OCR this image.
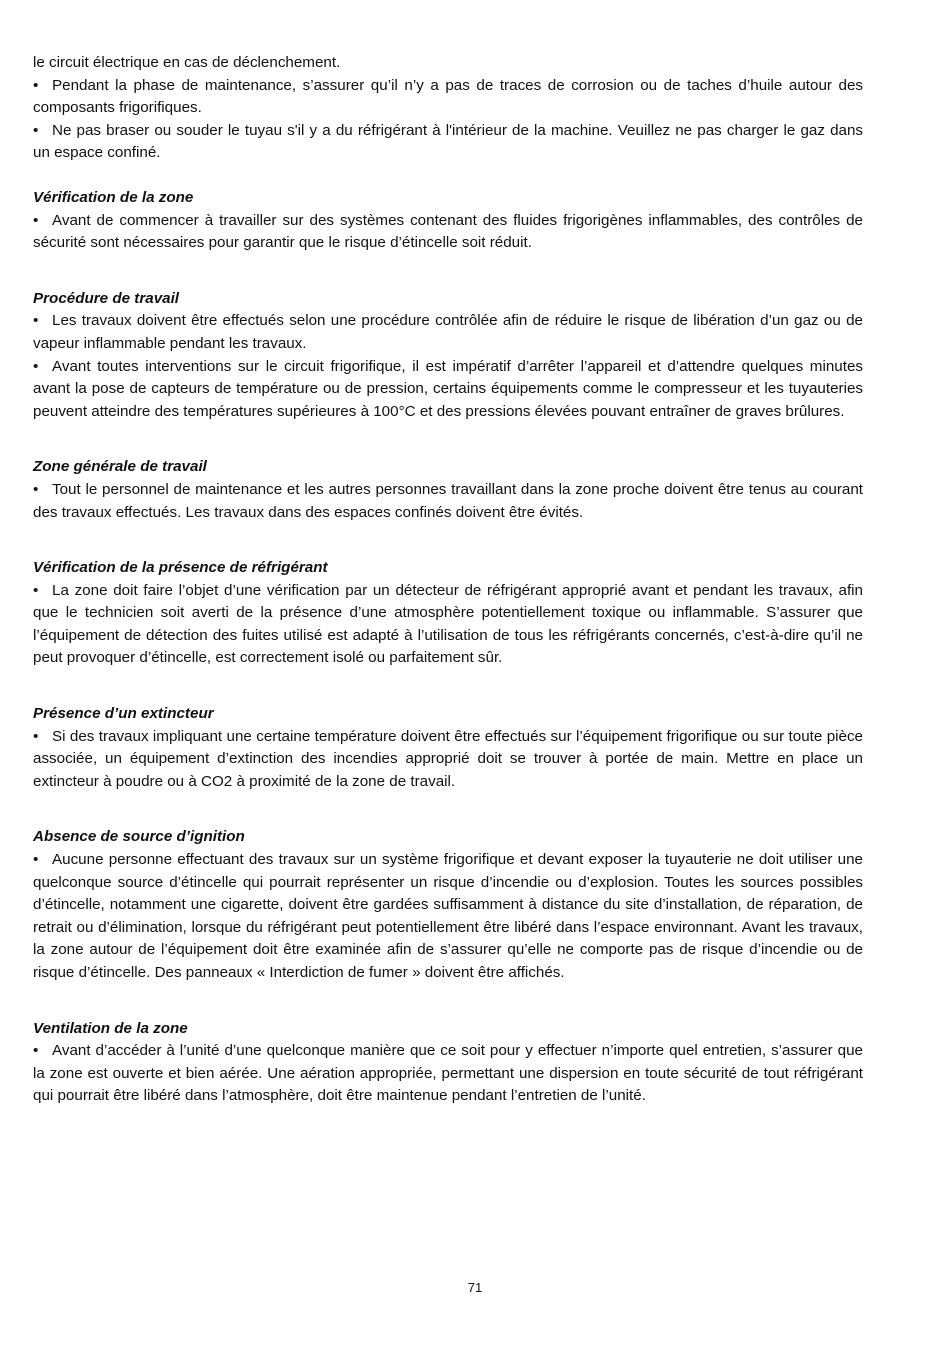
le circuit électrique en cas de déclenchement.

• Pendant la phase de maintenance, s’assurer qu’il n’y a pas de traces de corrosion ou de taches d’huile autour des composants frigorifiques.

• Ne pas braser ou souder le tuyau s'il y a du réfrigérant à l'intérieur de la machine. Veuillez ne pas charger le gaz dans un espace confiné.

Vérification de la zone

• Avant de commencer à travailler sur des systèmes contenant des fluides frigorigènes inflammables, des contrôles de sécurité sont nécessaires pour garantir que le risque d’étincelle soit réduit.

Procédure de travail

• Les travaux doivent être effectués selon une procédure contrôlée afin de réduire le risque de libération d’un gaz ou de vapeur inflammable pendant les travaux.

• Avant toutes interventions sur le circuit frigorifique, il est impératif d’arrêter l’appareil et d’attendre quelques minutes avant la pose de capteurs de température ou de pression, certains équipements comme le compresseur et les tuyauteries peuvent atteindre des températures supérieures à 100°C et des pressions élevées pouvant entraîner de graves brûlures.

Zone générale de travail

• Tout le personnel de maintenance et les autres personnes travaillant dans la zone proche doivent être tenus au courant des travaux effectués. Les travaux dans des espaces confinés doivent être évités.

Vérification de la présence de réfrigérant

• La zone doit faire l’objet d’une vérification par un détecteur de réfrigérant approprié avant et pendant les travaux, afin que le technicien soit averti de la présence d’une atmosphère potentiellement toxique ou inflammable. S’assurer que l’équipement de détection des fuites utilisé est adapté à l’utilisation de tous les réfrigérants concernés, c’est-à-dire qu’il ne peut provoquer d’étincelle, est correctement isolé ou parfaitement sûr.

Présence d’un extincteur

• Si des travaux impliquant une certaine température doivent être effectués sur l’équipement frigorifique ou sur toute pièce associée, un équipement d’extinction des incendies approprié doit se trouver à portée de main. Mettre en place un extincteur à poudre ou à CO2 à proximité de la zone de travail.

Absence de source d’ignition

• Aucune personne effectuant des travaux sur un système frigorifique et devant exposer la tuyauterie ne doit utiliser une quelconque source d’étincelle qui pourrait représenter un risque d’incendie ou d’explosion. Toutes les sources possibles d’étincelle, notamment une cigarette, doivent être gardées suffisamment à distance du site d’installation, de réparation, de retrait ou d’élimination, lorsque du réfrigérant peut potentiellement être libéré dans l’espace environnant. Avant les travaux, la zone autour de l’équipement doit être examinée afin de s’assurer qu’elle ne comporte pas de risque d’incendie ou de risque d’étincelle. Des panneaux « Interdiction de fumer » doivent être affichés.

Ventilation de la zone

• Avant d’accéder à l’unité d’une quelconque manière que ce soit pour y effectuer n’importe quel entretien, s’assurer que la zone est ouverte et bien aérée. Une aération appropriée, permettant une dispersion en toute sécurité de tout réfrigérant qui pourrait être libéré dans l’atmosphère, doit être maintenue pendant l’entretien de l’unité.

71
